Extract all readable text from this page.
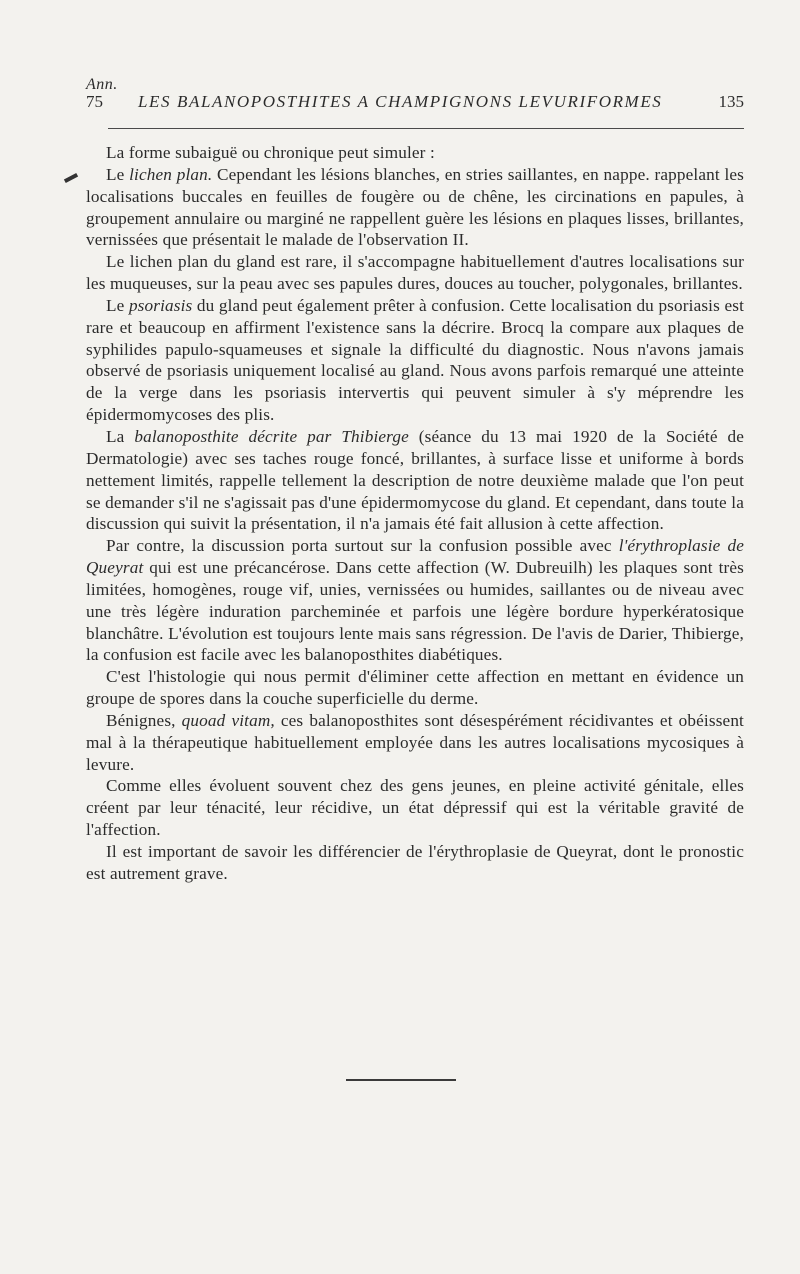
Ann.
75 LES BALANOPOSTHITES A CHAMPIGNONS LEVURIFORMES	135

La forme subaiguë ou chronique peut simuler :

Le lichen plan. Cependant les lésions blanches, en stries saillantes, en nappe. rappelant les localisations buccales en feuilles de fougère ou de chêne, les circinations en papules, à groupement annulaire ou marginé ne rappellent guère les lésions en plaques lisses, brillantes, vernissées que présentait le malade de l'observation II.

Le lichen plan du gland est rare, il s'accompagne habituellement d'autres localisations sur les muqueuses, sur la peau avec ses papules dures, douces au toucher, polygonales, brillantes.

Le psoriasis du gland peut également prêter à confusion. Cette localisation du psoriasis est rare et beaucoup en affirment l'existence sans la décrire. Brocq la compare aux plaques de syphilides papulo-squameuses et signale la difficulté du diagnostic. Nous n'avons jamais observé de psoriasis uniquement localisé au gland. Nous avons parfois remarqué une atteinte de la verge dans les psoriasis intervertis qui peuvent simuler à s'y méprendre les épidermomycoses des plis.

La balanoposthite décrite par Thibierge (séance du 13 mai 1920 de la Société de Dermatologie) avec ses taches rouge foncé, brillantes, à surface lisse et uniforme à bords nettement limités, rappelle tellement la description de notre deuxième malade que l'on peut se demander s'il ne s'agissait pas d'une épidermomycose du gland. Et cependant, dans toute la discussion qui suivit la présentation, il n'a jamais été fait allusion à cette affection.

Par contre, la discussion porta surtout sur la confusion possible avec l'érythroplasie de Queyrat qui est une précancérose. Dans cette affection (W. Dubreuilh) les plaques sont très limitées, homogènes, rouge vif, unies, vernissées ou humides, saillantes ou de niveau avec une très légère induration parcheminée et parfois une légère bordure hyperkératosique blanchâtre. L'évolution est toujours lente mais sans régression. De l'avis de Darier, Thibierge, la confusion est facile avec les balanoposthites diabétiques.

C'est l'histologie qui nous permit d'éliminer cette affection en mettant en évidence un groupe de spores dans la couche superficielle du derme.

Bénignes, quoad vitam, ces balanoposthites sont désespérément récidivantes et obéissent mal à la thérapeutique habituellement employée dans les autres localisations mycosiques à levure.

Comme elles évoluent souvent chez des gens jeunes, en pleine activité génitale, elles créent par leur ténacité, leur récidive, un état dépressif qui est la véritable gravité de l'affection.

Il est important de savoir les différencier de l'érythroplasie de Queyrat, dont le pronostic est autrement grave.
